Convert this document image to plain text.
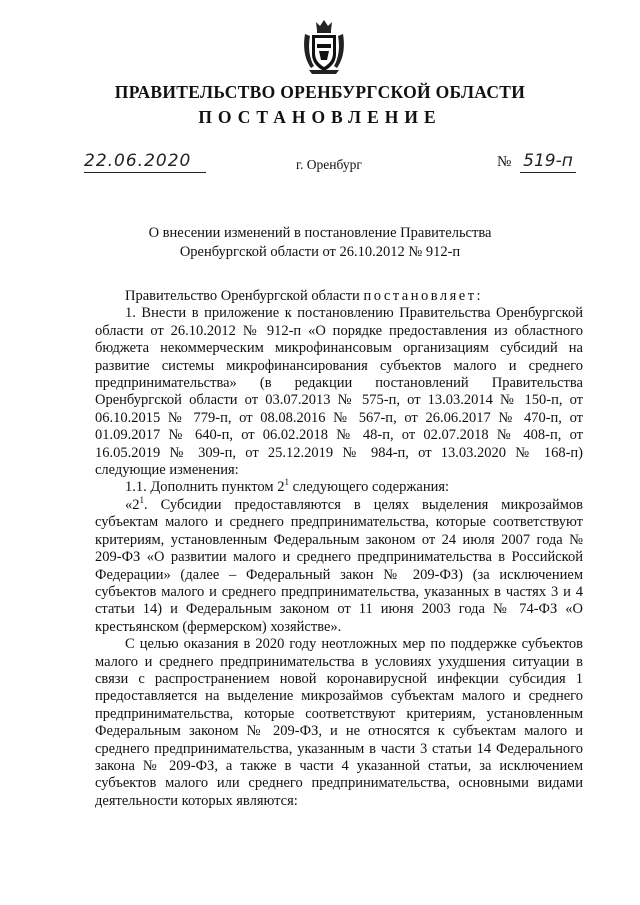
ПРАВИТЕЛЬСТВО ОРЕНБУРГСКОЙ ОБЛАСТИ
ПОСТАНОВЛЕНИЕ
22.06.2020	г. Оренбург	№ 519-п
О внесении изменений в постановление Правительства
Оренбургской области от 26.10.2012 № 912-п

Правительство Оренбургской области постановляет:

1. Внести в приложение к постановлению Правительства Оренбургской области от 26.10.2012 № 912-п «О порядке предоставления из областного бюджета некоммерческим микрофинансовым организациям субсидий на развитие системы микрофинансирования субъектов малого и среднего предпринимательства» (в редакции постановлений Правительства Оренбургской области от 03.07.2013 № 575-п, от 13.03.2014 № 150-п, от 06.10.2015 № 779-п, от 08.08.2016 № 567-п, от 26.06.2017 № 470-п, от 01.09.2017 № 640-п, от 06.02.2018 № 48-п, от 02.07.2018 № 408-п, от 16.05.2019 № 309-п, от 25.12.2019 № 984-п, от 13.03.2020 № 168-п) следующие изменения:

1.1. Дополнить пунктом $2^1$ следующего содержания:

«$2^1$. Субсидии предоставляются в целях выделения микрозаймов субъектам малого и среднего предпринимательства, которые соответствуют критериям, установленным Федеральным законом от 24 июля 2007 года № 209-ФЗ «О развитии малого и среднего предпринимательства в Российской Федерации» (далее – Федеральный закон № 209-ФЗ) (за исключением субъектов малого и среднего предпринимательства, указанных в частях 3 и 4 статьи 14) и Федеральным законом от 11 июня 2003 года № 74-ФЗ «О крестьянском (фермерском) хозяйстве».

С целью оказания в 2020 году неотложных мер по поддержке субъектов малого и среднего предпринимательства в условиях ухудшения ситуации в связи с распространением новой коронавирусной инфекции субсидия 1 предоставляется на выделение микрозаймов субъектам малого и среднего предпринимательства, которые соответствуют критериям, установленным Федеральным законом № 209-ФЗ, и не относятся к субъектам малого и среднего предпринимательства, указанным в части 3 статьи 14 Федерального закона № 209-ФЗ, а также в части 4 указанной статьи, за исключением субъектов малого или среднего предпринимательства, основными видами деятельности которых являются:
